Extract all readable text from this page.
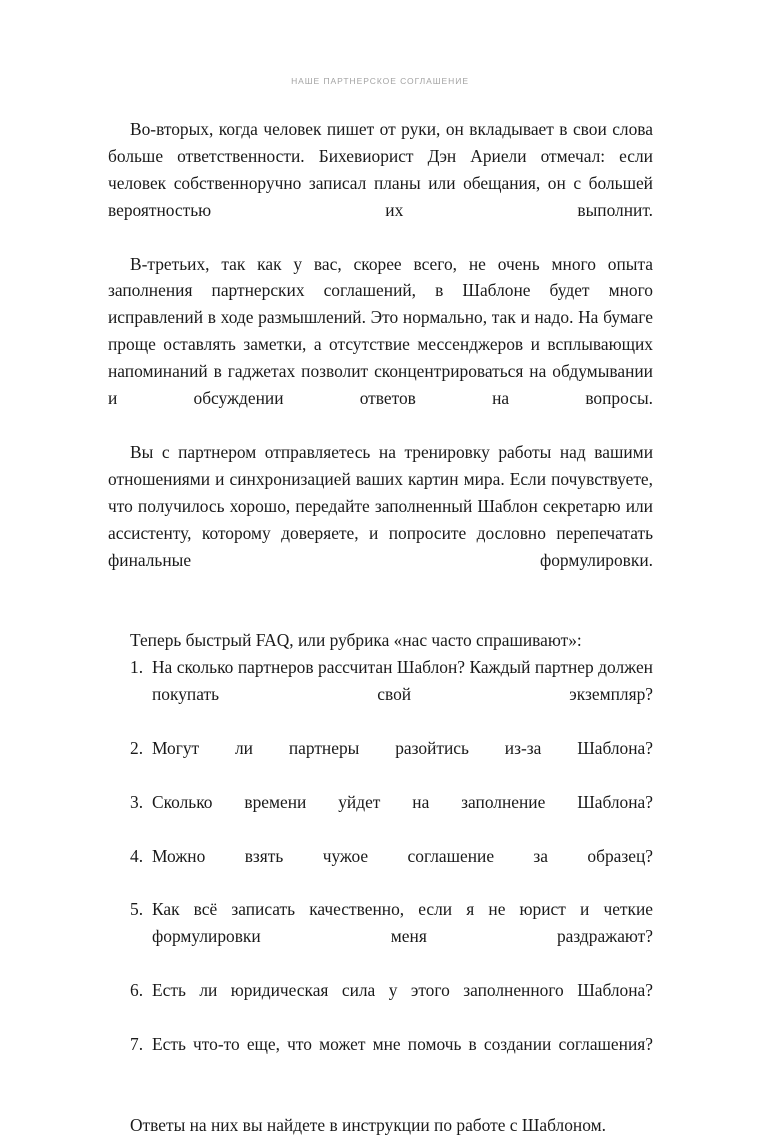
НАШЕ ПАРТНЕРСКОЕ СОГЛАШЕНИЕ

Во-вторых, когда человек пишет от руки, он вкладывает в свои слова больше ответственности. Бихевиорист Дэн Ариели отмечал: если человек собственноручно записал планы или обещания, он с большей вероятностью их выполнит.

В-третьих, так как у вас, скорее всего, не очень много опыта заполнения партнерских соглашений, в Шаблоне будет много исправлений в ходе размышлений. Это нормально, так и надо. На бумаге проще оставлять заметки, а отсутствие мессенджеров и всплывающих напоминаний в гаджетах позволит сконцентрироваться на обдумывании и обсуждении ответов на вопросы.

Вы с партнером отправляетесь на тренировку работы над вашими отношениями и синхронизацией ваших картин мира. Если почувствуете, что получилось хорошо, передайте заполненный Шаблон секретарю или ассистенту, которому доверяете, и попросите дословно перепечатать финальные формулировки.

Теперь быстрый FAQ, или рубрика «нас часто спрашивают»:

На сколько партнеров рассчитан Шаблон? Каждый партнер должен покупать свой экземпляр?
Могут ли партнеры разойтись из-за Шаблона?
Сколько времени уйдет на заполнение Шаблона?
Можно взять чужое соглашение за образец?
Как всё записать качественно, если я не юрист и четкие формулировки меня раздражают?
Есть ли юридическая сила у этого заполненного Шаблона?
Есть что-то еще, что может мне помочь в создании соглашения?

Ответы на них вы найдете в инструкции по работе с Шаблоном.
